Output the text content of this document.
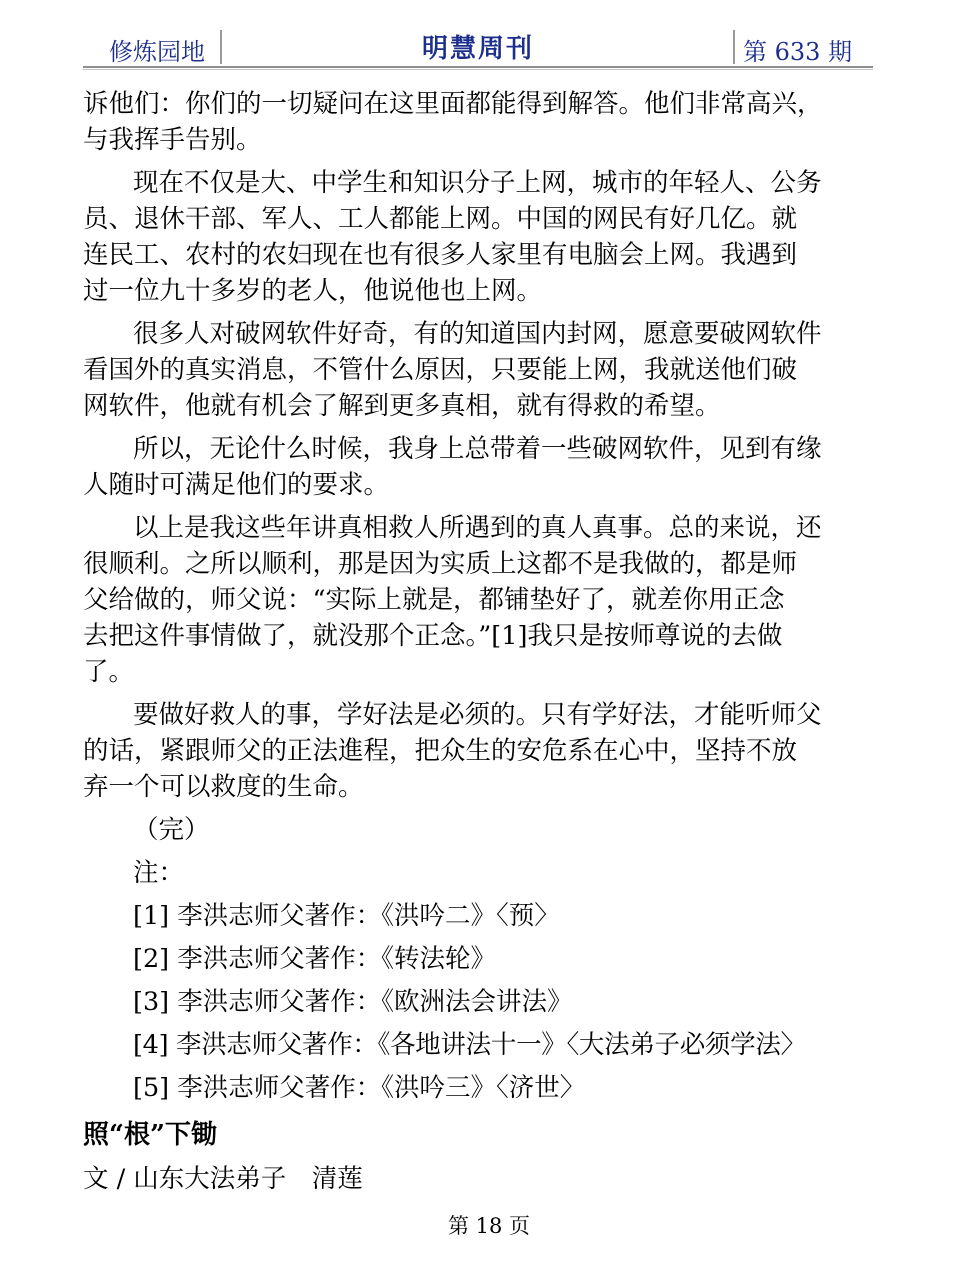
修炼园地	明慧周刊	第 633 期

诉他们：你们的一切疑问在这里面都能得到解答。他们非常高兴，
与我挥手告别。

现在不仅是大、中学生和知识分子上网，城市的年轻人、公务
员、退休干部、军人、工人都能上网。中国的网民有好几亿。就
连民工、农村的农妇现在也有很多人家里有电脑会上网。我遇到
过一位九十多岁的老人，他说他也上网。

很多人对破网软件好奇，有的知道国内封网，愿意要破网软件
看国外的真实消息，不管什么原因，只要能上网，我就送他们破
网软件，他就有机会了解到更多真相，就有得救的希望。

所以，无论什么时候，我身上总带着一些破网软件，见到有缘
人随时可满足他们的要求。

以上是我这些年讲真相救人所遇到的真人真事。总的来说，还
很顺利。之所以顺利，那是因为实质上这都不是我做的，都是师
父给做的，师父说：“实际上就是，都铺垫好了，就差你用正念
去把这件事情做了，就没那个正念。”[1]我只是按师尊说的去做
了。

要做好救人的事，学好法是必须的。只有学好法，才能听师父
的话，紧跟师父的正法進程，把众生的安危系在心中，坚持不放
弃一个可以救度的生命。

（完）

注：

[1] 李洪志师父著作：《洪吟二》〈预〉

[2] 李洪志师父著作：《转法轮》

[3] 李洪志师父著作：《欧洲法会讲法》

[4] 李洪志师父著作：《各地讲法十一》〈大法弟子必须学法〉

[5] 李洪志师父著作：《洪吟三》〈济世〉

照“根”下锄
文 / 山东大法弟子　清莲
第 18 页
